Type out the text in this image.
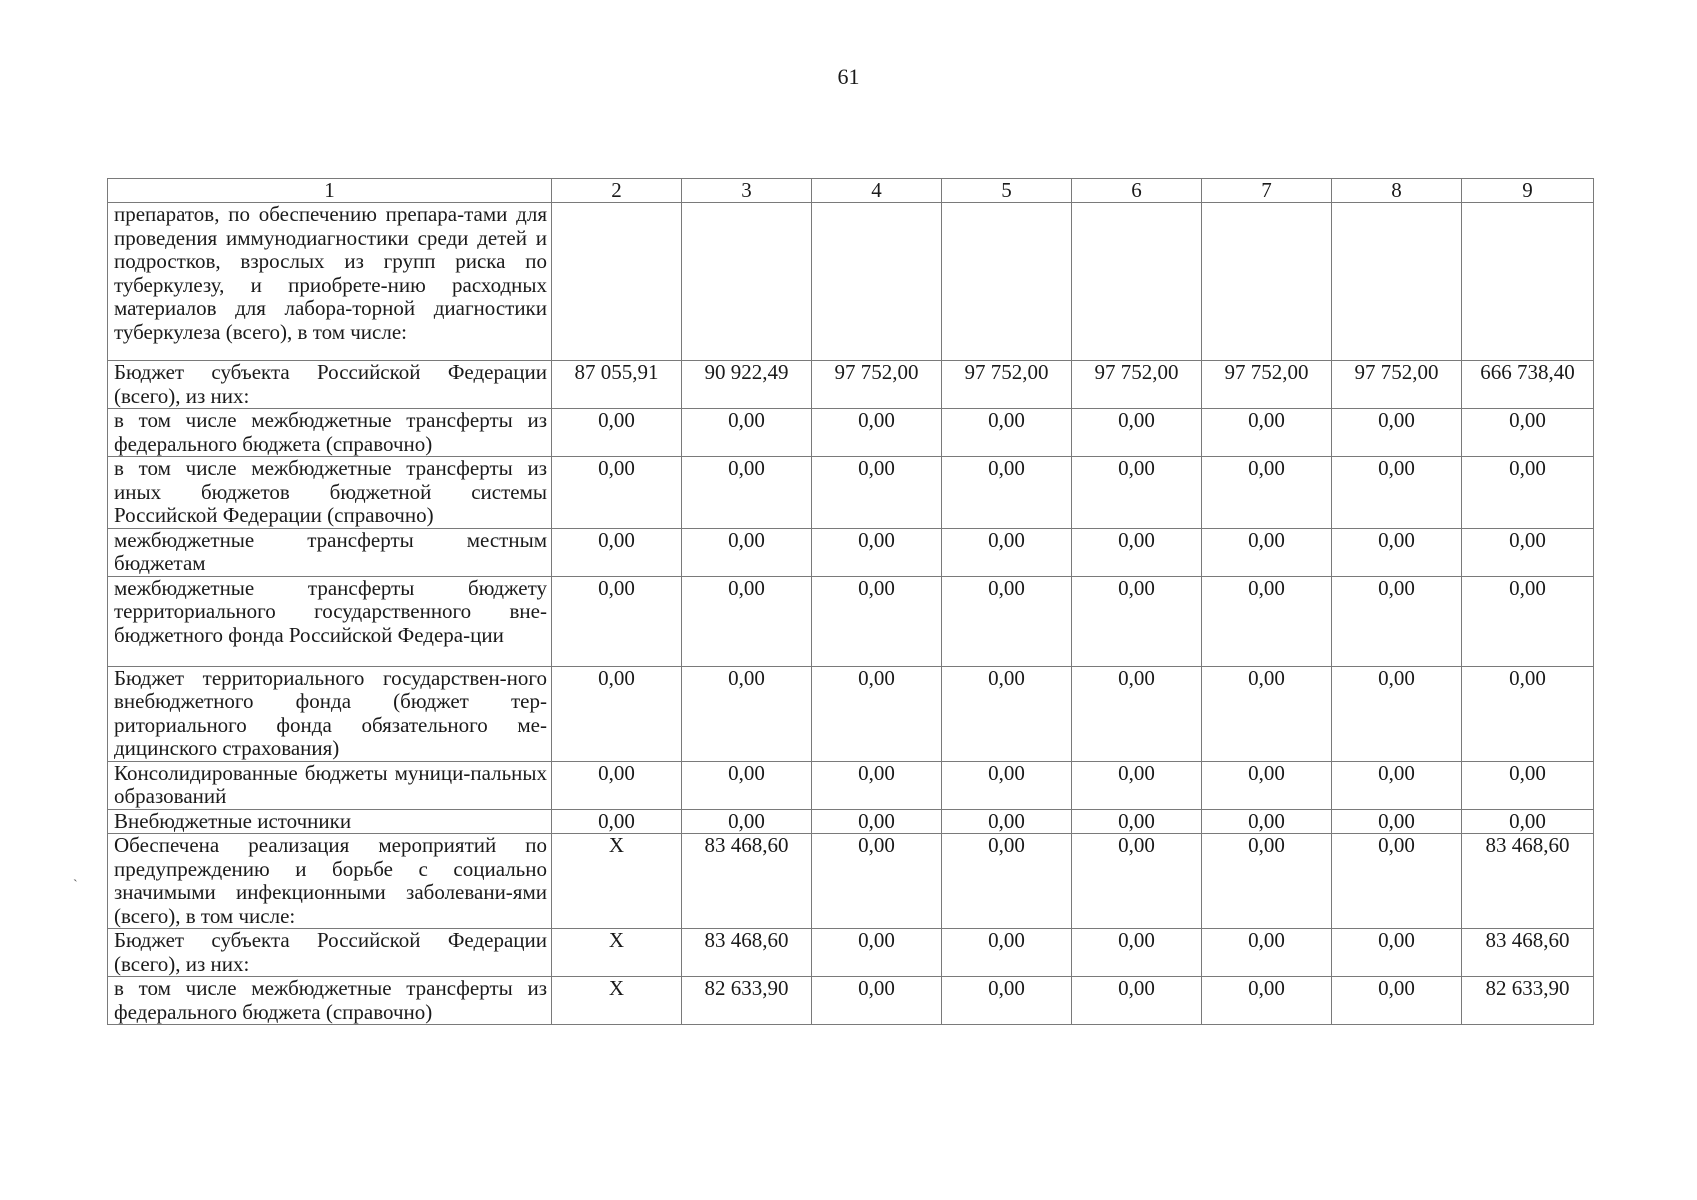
61
`
1	2	3	4	5	6	7	8	9
препаратов, по обеспечению препара-тами для проведения иммунодиагностики среди детей и подростков, взрослых из групп риска по туберкулезу, и приобрете-нию расходных материалов для лабора-торной диагностики туберкулеза (всего), в том числе:								
Бюджет субъекта Российской Федерации (всего), из них:	87 055,91	90 922,49	97 752,00	97 752,00	97 752,00	97 752,00	97 752,00	666 738,40
в том числе межбюджетные трансферты из федерального бюджета (справочно)	0,00	0,00	0,00	0,00	0,00	0,00	0,00	0,00
в том числе межбюджетные трансферты из иных бюджетов бюджетной системы Российской Федерации (справочно)	0,00	0,00	0,00	0,00	0,00	0,00	0,00	0,00
межбюджетные трансферты местным бюджетам	0,00	0,00	0,00	0,00	0,00	0,00	0,00	0,00
межбюджетные трансферты бюджету территориального государственного вне-бюджетного фонда Российской Федера-ции	0,00	0,00	0,00	0,00	0,00	0,00	0,00	0,00
Бюджет территориального государствен-ного внебюджетного фонда (бюджет тер-риториального фонда обязательного ме-дицинского страхования)	0,00	0,00	0,00	0,00	0,00	0,00	0,00	0,00
Консолидированные бюджеты муници-пальных образований	0,00	0,00	0,00	0,00	0,00	0,00	0,00	0,00
Внебюджетные источники	0,00	0,00	0,00	0,00	0,00	0,00	0,00	0,00
Обеспечена реализация мероприятий по предупреждению и борьбе с социально значимыми инфекционными заболевани-ями (всего), в том числе:	X	83 468,60	0,00	0,00	0,00	0,00	0,00	83 468,60
Бюджет субъекта Российской Федерации (всего), из них:	X	83 468,60	0,00	0,00	0,00	0,00	0,00	83 468,60
в том числе межбюджетные трансферты из федерального бюджета (справочно)	X	82 633,90	0,00	0,00	0,00	0,00	0,00	82 633,90
